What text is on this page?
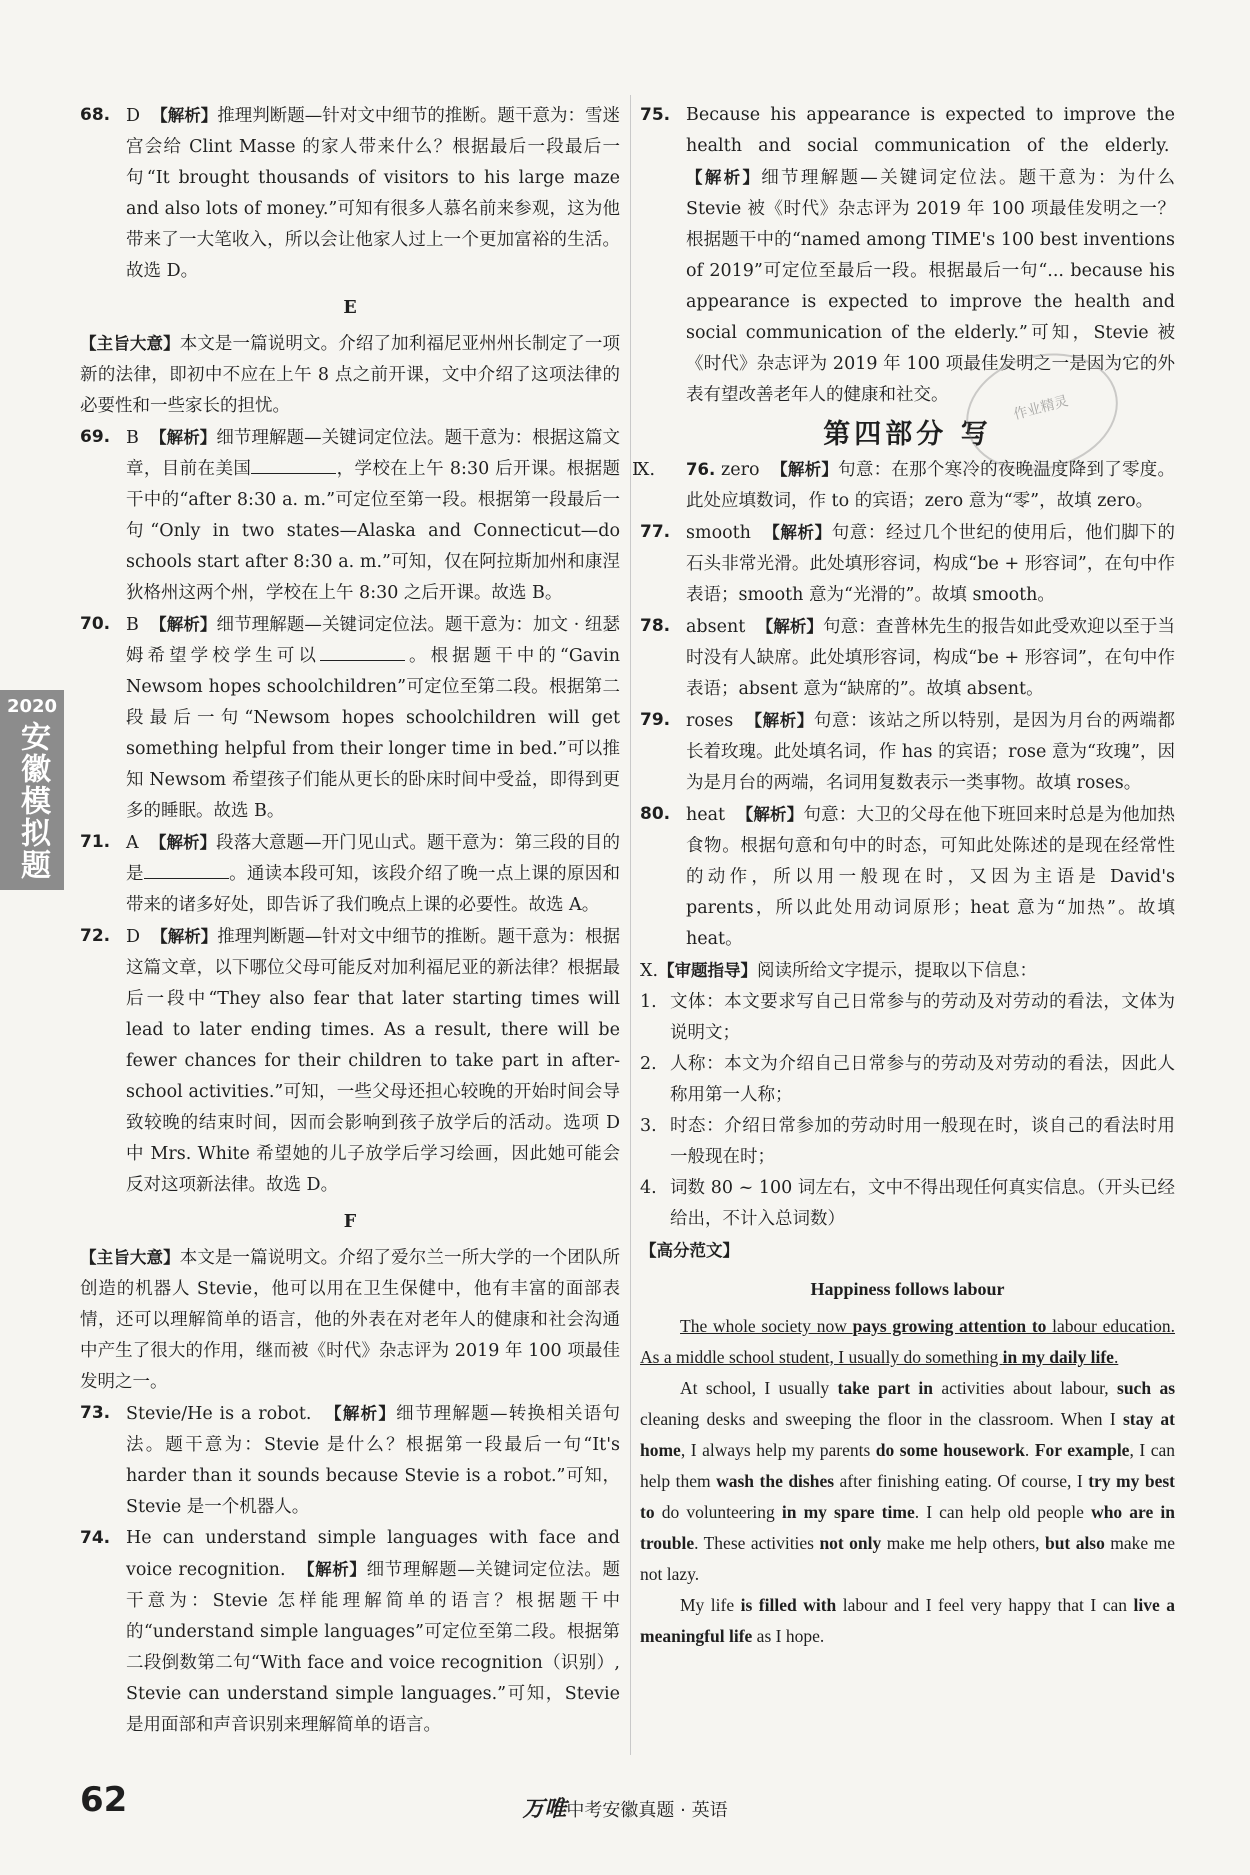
2020
安徽模拟题
68. D 【解析】推理判断题—针对文中细节的推断。题干意为：雪迷宫会给 Clint Masse 的家人带来什么？根据最后一段最后一句“It brought thousands of visitors to his large maze and also lots of money.”可知有很多人慕名前来参观，这为他带来了一大笔收入，所以会让他家人过上一个更加富裕的生活。故选 D。
E
【主旨大意】本文是一篇说明文。介绍了加利福尼亚州州长制定了一项新的法律，即初中不应在上午 8 点之前开课，文中介绍了这项法律的必要性和一些家长的担忧。
69. B 【解析】细节理解题—关键词定位法。题干意为：根据这篇文章，目前在美国	，学校在上午 8:30 后开课。根据题干中的“after 8:30 a. m.”可定位至第一段。根据第一段最后一句“Only in two states—Alaska and Connecticut—do schools start after 8:30 a. m.”可知，仅在阿拉斯加州和康涅狄格州这两个州，学校在上午 8:30 之后开课。故选 B。
70. B 【解析】细节理解题—关键词定位法。题干意为：加文 · 纽瑟姆希望学校学生可以	。根据题干中的“Gavin Newsom hopes schoolchildren”可定位至第二段。根据第二段最后一句“Newsom hopes schoolchildren will get something helpful from their longer time in bed.”可以推知 Newsom 希望孩子们能从更长的卧床时间中受益，即得到更多的睡眠。故选 B。
71. A 【解析】段落大意题—开门见山式。题干意为：第三段的目的是	。通读本段可知，该段介绍了晚一点上课的原因和带来的诸多好处，即告诉了我们晚点上课的必要性。故选 A。
72. D 【解析】推理判断题—针对文中细节的推断。题干意为：根据这篇文章，以下哪位父母可能反对加利福尼亚的新法律？根据最后一段中“They also fear that later starting times will lead to later ending times. As a result, there will be fewer chances for their children to take part in after-school activities.”可知，一些父母还担心较晚的开始时间会导致较晚的结束时间，因而会影响到孩子放学后的活动。选项 D 中 Mrs. White 希望她的儿子放学后学习绘画，因此她可能会反对这项新法律。故选 D。
F
【主旨大意】本文是一篇说明文。介绍了爱尔兰一所大学的一个团队所创造的机器人 Stevie，他可以用在卫生保健中，他有丰富的面部表情，还可以理解简单的语言，他的外表在对老年人的健康和社会沟通中产生了很大的作用，继而被《时代》杂志评为 2019 年 100 项最佳发明之一。
73. Stevie/He is a robot. 【解析】细节理解题—转换相关语句法。题干意为：Stevie 是什么？根据第一段最后一句“It's harder than it sounds because Stevie is a robot.”可知，Stevie 是一个机器人。
74. He can understand simple languages with face and voice recognition. 【解析】细节理解题—关键词定位法。题干意为：Stevie 怎样能理解简单的语言？根据题干中的“understand simple languages”可定位至第二段。根据第二段倒数第二句“With face and voice recognition（识别）, Stevie can understand simple languages.”可知，Stevie 是用面部和声音识别来理解简单的语言。
75. Because his appearance is expected to improve the health and social communication of the elderly.  【解析】细节理解题—关键词定位法。题干意为：为什么 Stevie 被《时代》杂志评为 2019 年 100 项最佳发明之一？根据题干中的“named among TIME's 100 best inventions of 2019”可定位至最后一段。根据最后一句“... because his appearance is expected to improve the health and social communication of the elderly.”可知，Stevie 被《时代》杂志评为 2019 年 100 项最佳发明之一是因为它的外表有望改善老年人的健康和社交。
第四部分 写
Ⅸ. 76. zero 【解析】句意：在那个寒冷的夜晚温度降到了零度。此处应填数词，作 to 的宾语；zero 意为“零”，故填 zero。
77. smooth 【解析】句意：经过几个世纪的使用后，他们脚下的石头非常光滑。此处填形容词，构成“be + 形容词”，在句中作表语；smooth 意为“光滑的”。故填 smooth。
78. absent 【解析】句意：查普林先生的报告如此受欢迎以至于当时没有人缺席。此处填形容词，构成“be + 形容词”，在句中作表语；absent 意为“缺席的”。故填 absent。
79. roses 【解析】句意：该站之所以特别，是因为月台的两端都长着玫瑰。此处填名词，作 has 的宾语；rose 意为“玫瑰”，因为是月台的两端，名词用复数表示一类事物。故填 roses。
80. heat 【解析】句意：大卫的父母在他下班回来时总是为他加热食物。根据句意和句中的时态，可知此处陈述的是现在经常性的动作，所以用一般现在时，又因为主语是 David's parents，所以此处用动词原形；heat 意为“加热”。故填 heat。
Ⅹ.【审题指导】阅读所给文字提示，提取以下信息：
1. 文体：本文要求写自己日常参与的劳动及对劳动的看法，文体为说明文；
2. 人称：本文为介绍自己日常参与的劳动及对劳动的看法，因此人称用第一人称；
3. 时态：介绍日常参加的劳动时用一般现在时，谈自己的看法时用一般现在时；
4. 词数 80 ~ 100 词左右，文中不得出现任何真实信息。（开头已经给出，不计入总词数）
【高分范文】
Happiness follows labour

The whole society now pays growing attention to labour education. As a middle school student, I usually do something in my daily life.

At school, I usually take part in activities about labour, such as cleaning desks and sweeping the floor in the classroom. When I stay at home, I always help my parents do some housework. For example, I can help them wash the dishes after finishing eating. Of course, I try my best to do volunteering in my spare time. I can help old people who are in trouble. These activities not only make me help others, but also make me not lazy.

My life is filled with labour and I feel very happy that I can live a meaningful life as I hope.

作业精灵
62	万唯中考安徽真题 · 英语
